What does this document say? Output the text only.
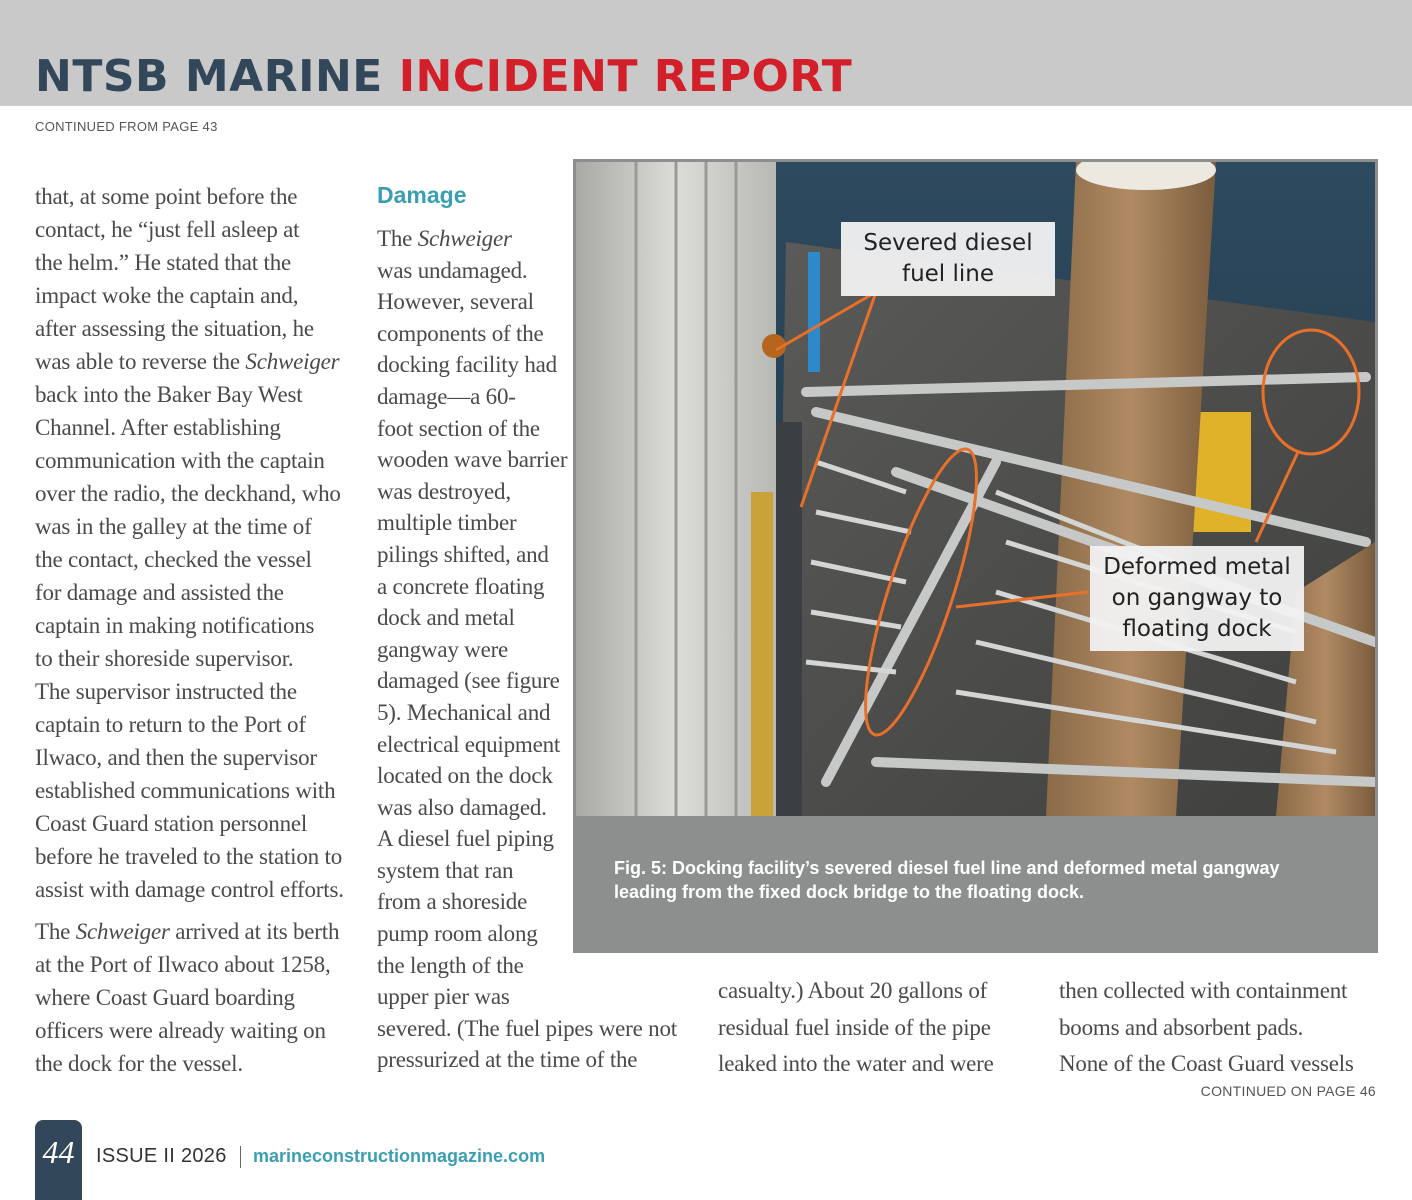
NTSB MARINE INCIDENT REPORT
CONTINUED FROM PAGE 43

that, at some point before the
contact, he “just fell asleep at
the helm.” He stated that the
impact woke the captain and,
after assessing the situation, he
was able to reverse the Schweiger
back into the Baker Bay West
Channel. After establishing
communication with the captain
over the radio, the deckhand, who
was in the galley at the time of
the contact, checked the vessel
for damage and assisted the
captain in making notifications
to their shoreside supervisor.
The supervisor instructed the
captain to return to the Port of
Ilwaco, and then the supervisor
established communications with
Coast Guard station personnel
before he traveled to the station to
assist with damage control efforts.

The Schweiger arrived at its berth
at the Port of Ilwaco about 1258,
where Coast Guard boarding
officers were already waiting on
the dock for the vessel.

Damage

The Schweiger
was undamaged.
However, several
components of the
docking facility had
damage—a 60-
foot section of the
wooden wave barrier
was destroyed,
multiple timber
pilings shifted, and
a concrete floating
dock and metal
gangway were
damaged (see figure
5). Mechanical and
electrical equipment
located on the dock
was also damaged.
A diesel fuel piping
system that ran
from a shoreside
pump room along
the length of the
upper pier was
severed. (The fuel pipes were not
pressurized at the time of the

Severed diesel
fuel line
Deformed metal
on gangway to
floating dock
Fig. 5: Docking facility’s severed diesel fuel line and deformed metal gangway
leading from the fixed dock bridge to the floating dock.

casualty.) About 20 gallons of
residual fuel inside of the pipe
leaked into the water and were

then collected with containment
booms and absorbent pads.
None of the Coast Guard vessels

CONTINUED ON PAGE 46
44	ISSUE II 2026 marineconstructionmagazine.com
